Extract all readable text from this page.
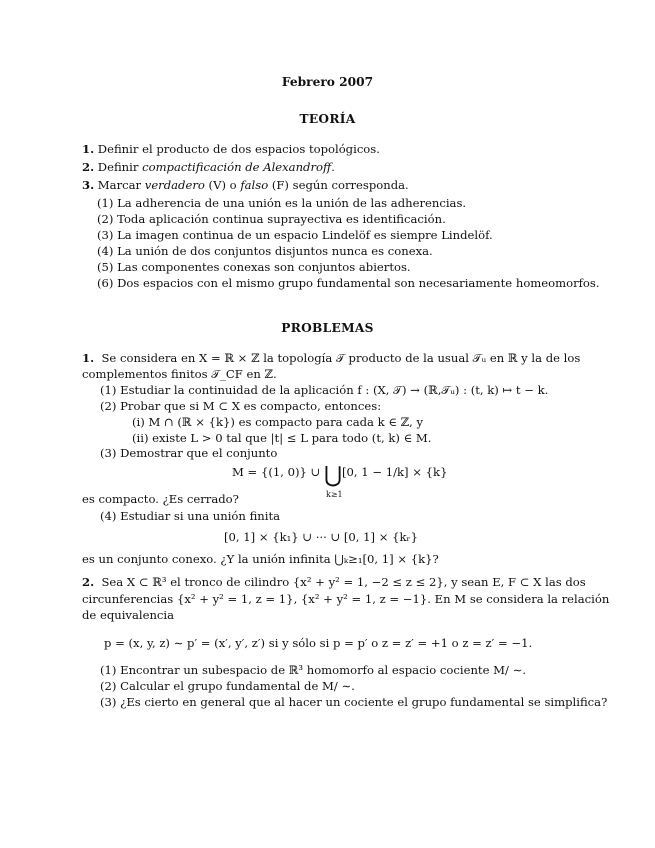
Febrero 2007
TEORÍA
1. Definir el producto de dos espacios topológicos.
2. Definir compactificación de Alexandroff.
3. Marcar verdadero (V) o falso (F) según corresponda.
(1) La adherencia de una unión es la unión de las adherencias.
(2) Toda aplicación continua suprayectiva es identificación.
(3) La imagen continua de un espacio Lindelöf es siempre Lindelöf.
(4) La unión de dos conjuntos disjuntos nunca es conexa.
(5) Las componentes conexas son conjuntos abiertos.
(6) Dos espacios con el mismo grupo fundamental son necesariamente homeomorfos.
PROBLEMAS
1. Se considera en X = ℝ × ℤ la topología 𝒯 producto de la usual 𝒯ᵤ en ℝ y la de los
complementos finitos 𝒯_CF en ℤ.
(1) Estudiar la continuidad de la aplicación f : (X, 𝒯) → (ℝ,𝒯ᵤ) : (t, k) ↦ t − k.
(2) Probar que si M ⊂ X es compacto, entonces:
(i) M ∩ (ℝ × {k}) es compacto para cada k ∈ ℤ, y
(ii) existe L > 0 tal que |t| ≤ L para todo (t, k) ∈ M.
(3) Demostrar que el conjunto
M = {(1, 0)} ∪ ⋃
k≥1
[0, 1 − 1/k] × {k}
es compacto. ¿Es cerrado?
(4) Estudiar si una unión finita
[0, 1] × {k₁} ∪ ··· ∪ [0, 1] × {kᵣ}
es un conjunto conexo. ¿Y la unión infinita ⋃ₖ≥₁[0, 1] × {k}?
2. Sea X ⊂ ℝ³ el tronco de cilindro {x² + y² = 1, −2 ≤ z ≤ 2}, y sean E, F ⊂ X las dos
circunferencias {x² + y² = 1, z = 1}, {x² + y² = 1, z = −1}. En M se considera la relación
de equivalencia
p = (x, y, z) ∼ p′ = (x′, y′, z′) si y sólo si p = p′ o z = z′ = +1 o z = z′ = −1.
(1) Encontrar un subespacio de ℝ³ homomorfo al espacio cociente M/ ∼.
(2) Calcular el grupo fundamental de M/ ∼.
(3) ¿Es cierto en general que al hacer un cociente el grupo fundamental se simplifica?
